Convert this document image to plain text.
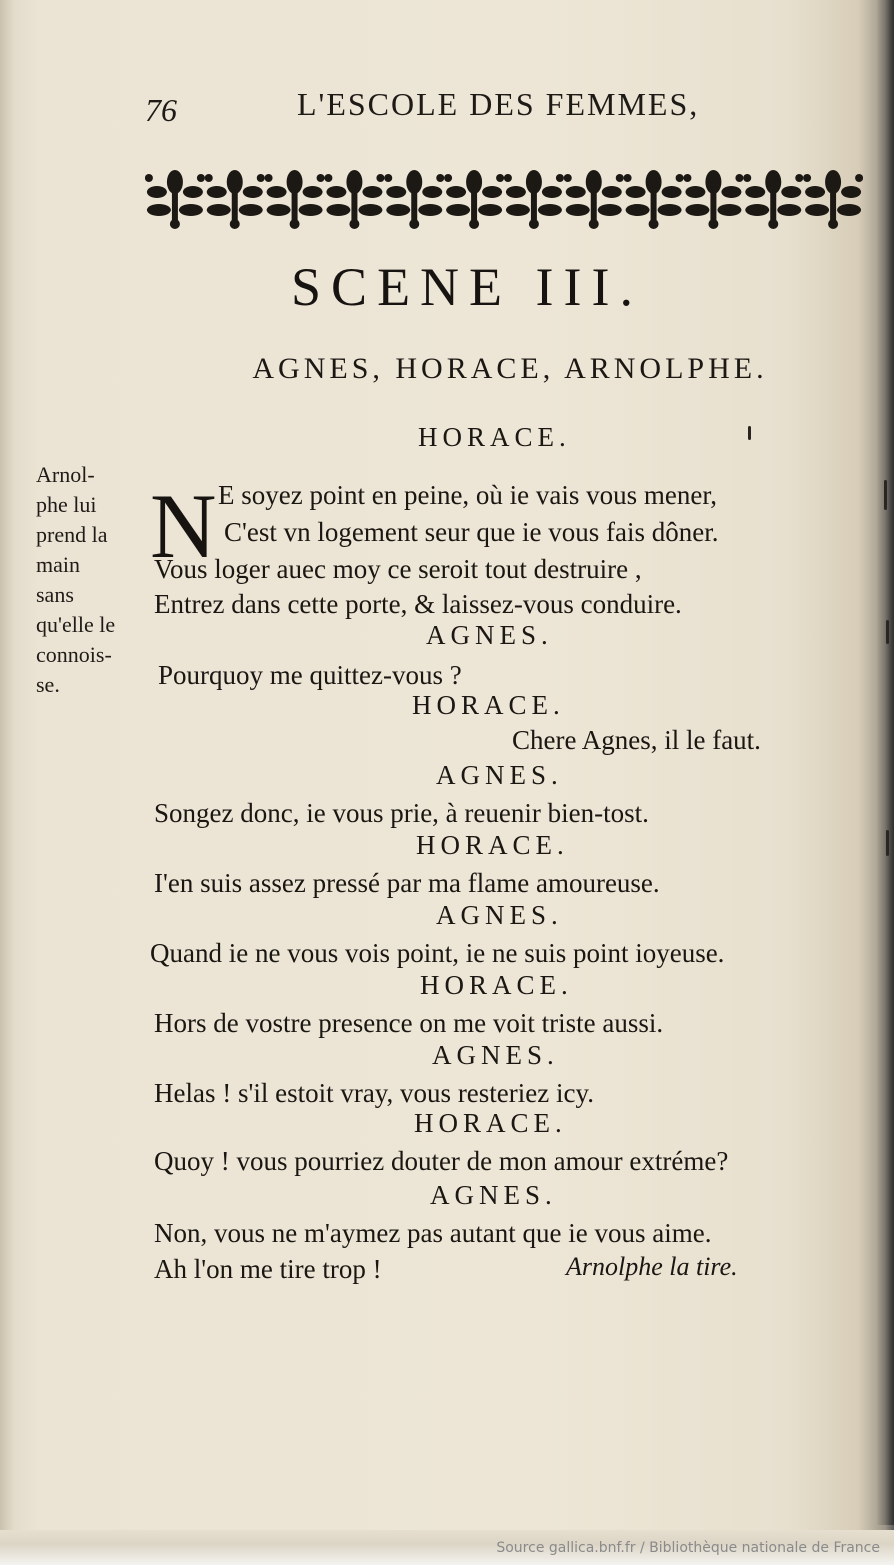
76	L'ESCOLE DES FEMMES,
SCENE III.
AGNES, HORACE, ARNOLPHE.
Arnol-
phe lui
prend la
main
sans
qu'elle le
connois-
se.
HORACE.
N E soyez point en peine, où ie vais vous mener,
C'est vn logement seur que ie vous fais dôner.
Vous loger auec moy ce seroit tout destruire ,
Entrez dans cette porte, & laissez-vous conduire.
AGNES.
Pourquoy me quittez-vous ?
HORACE.
Chere Agnes, il le faut.
AGNES.
Songez donc, ie vous prie, à reuenir bien-tost.
HORACE.
I'en suis assez pressé par ma flame amoureuse.
AGNES.
Quand ie ne vous vois point, ie ne suis point ioyeuse.
HORACE.
Hors de vostre presence on me voit triste aussi.
AGNES.
Helas ! s'il estoit vray, vous resteriez icy.
HORACE.
Quoy ! vous pourriez douter de mon amour extréme?
AGNES.
Non, vous ne m'aymez pas autant que ie vous aime.
Ah l'on me tire trop !	Arnolphe la tire.
Source gallica.bnf.fr / Bibliothèque nationale de France
